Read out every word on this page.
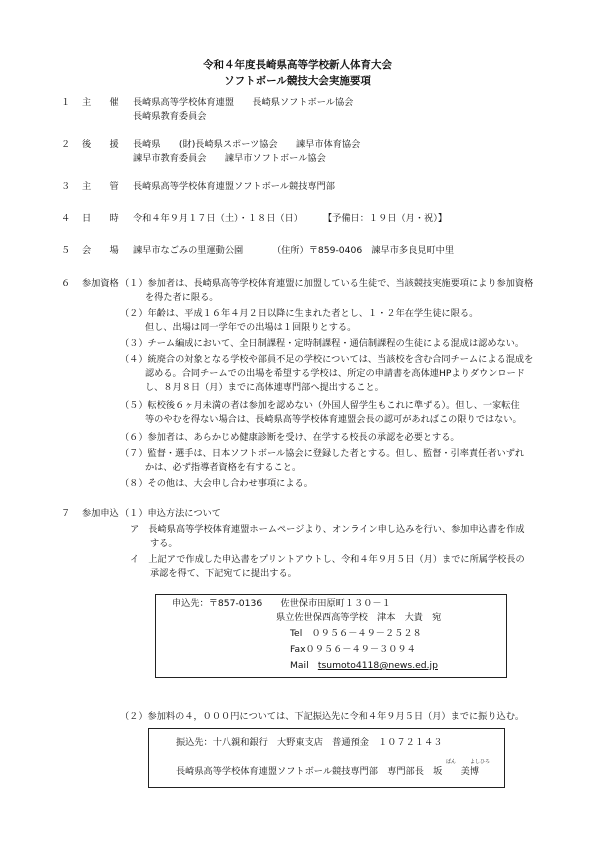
令和４年度長崎県高等学校新人体育大会
ソフトボール競技大会実施要項
１ 主　　催 長崎県高等学校体育連盟　　長崎県ソフトボール協会
長崎県教育委員会
２ 後　　援 長崎県　　(財)長崎県スポーツ協会　　諫早市体育協会
諫早市教育委員会　　諫早市ソフトボール協会
３ 主　　管 長崎県高等学校体育連盟ソフトボール競技専門部
４ 日　　時 令和４年９月１７日（土）・１８日（日） 【予備日：１９日（月・祝）】
５ 会　　場 諫早市なごみの里運動公園	（住所）〒859-0406　諫早市多良見町中里
６ 参加資格 （１）参加者は、長崎県高等学校体育連盟に加盟している生徒で、当該競技実施要項により参加資格
を得た者に限る。
（２）年齢は、平成１６年４月２日以降に生まれた者とし、１・２年在学生徒に限る。
但し、出場は同一学年での出場は１回限りとする。
（３）チーム編成において、全日制課程・定時制課程・通信制課程の生徒による混成は認めない。
（４）統廃合の対象となる学校や部員不足の学校については、当該校を含む合同チームによる混成を
認める。合同チームでの出場を希望する学校は、所定の申請書を高体連HPよりダウンロード
し、８月８日（月）までに高体連専門部へ提出すること。
（５）転校後６ヶ月未満の者は参加を認めない（外国人留学生もこれに準ずる）。但し、一家転住
等のやむを得ない場合は、長崎県高等学校体育連盟会長の認可があればこの限りではない。
（６）参加者は、あらかじめ健康診断を受け、在学する校長の承認を必要とする。
（７）監督・選手は、日本ソフトボール協会に登録した者とする。但し、監督・引率責任者いずれ
かは、必ず指導者資格を有すること。
（８）その他は、大会申し合わせ事項による。
７ 参加申込 （１）申込方法について
ア　長崎県高等学校体育連盟ホームページより、オンライン申し込みを行い、参加申込書を作成
する。
イ　上記アで作成した申込書をプリントアウトし、令和４年９月５日（月）までに所属学校長の
承認を得て、下記宛てに提出する。
申込先：〒857-0136　　佐世保市田原町１３０－１
県立佐世保西高等学校　津本　大貴　宛
Tel　０９５６－４９－２５２８
Fax０９５６－４９－３０９４
Mail　tsumoto4118@news.ed.jp
（２）参加料の４，０００円については、下記振込先に令和４年９月５日（月）までに振り込む。
振込先：十八親和銀行　大野東支店　普通預金　１０７２１４３
ばん	よしひろ
長崎県高等学校体育連盟ソフトボール競技専門部　専門部長　坂　　美博
